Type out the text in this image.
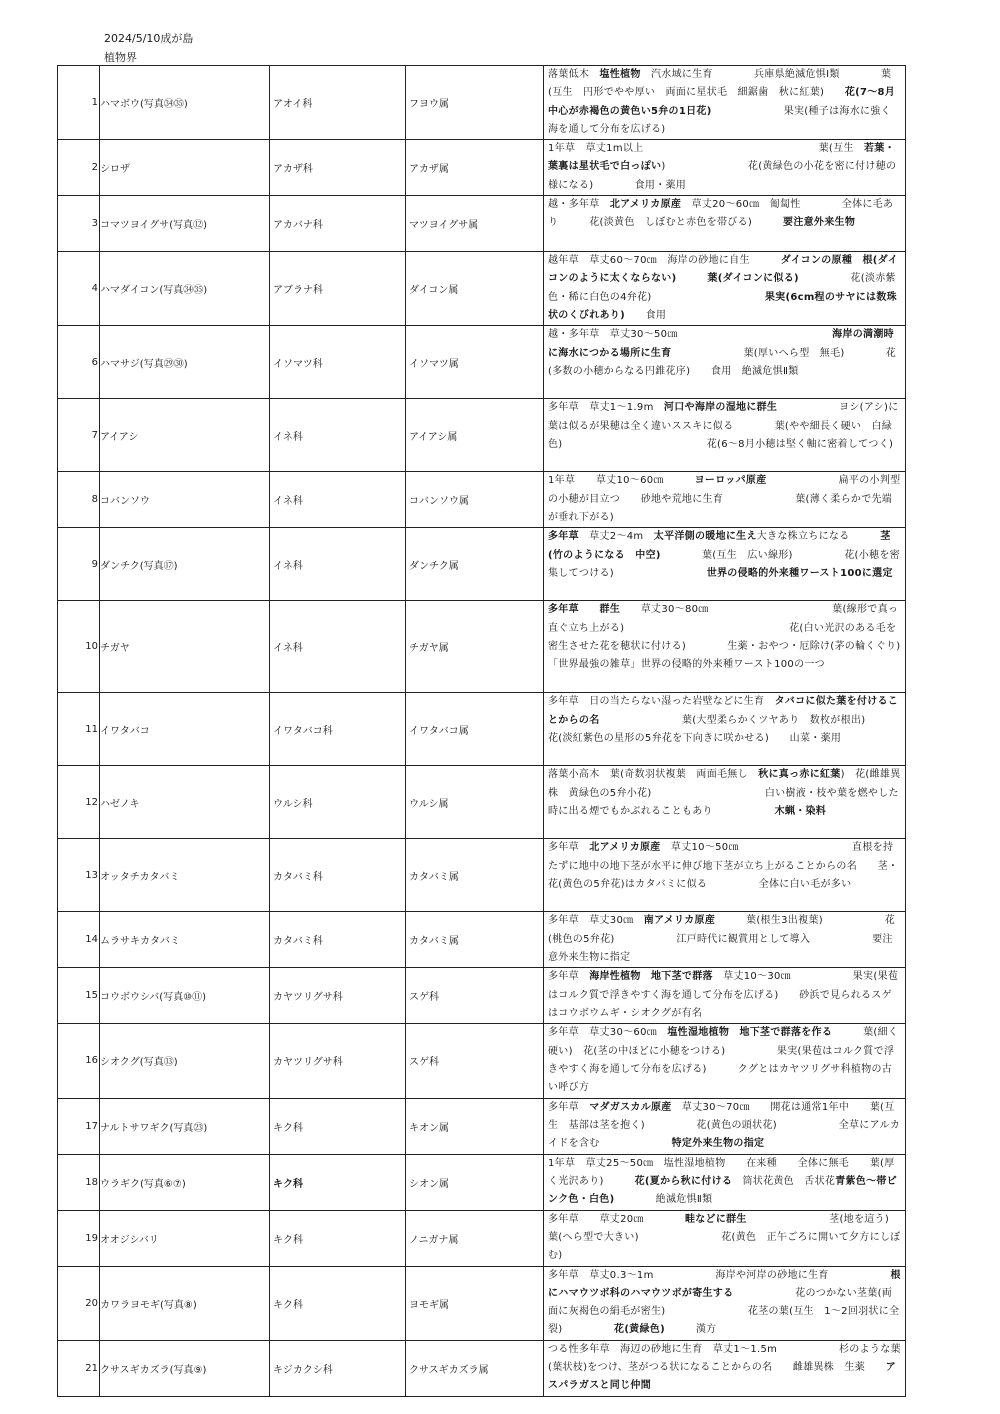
2024/5/10成が島
植物界
1	ハマボウ(写真㉞㉟)	アオイ科	フヨウ属	落葉低木　塩性植物　汽水域に生育　　　　兵庫県絶滅危惧Ⅰ類　　　　葉(互生　円形でやや厚い　両面に星状毛　細鋸歯　秋に紅葉)　　花(7～8月中心が赤褐色の黄色い5弁の1日花)　　　　　　　果実(種子は海水に強く海を通して分布を広げる)
2	シロザ	アカザ科	アカザ属	1年草　草丈1m以上　　　　　　　　　　　　　　　　　葉(互生　若葉・葉裏は星状毛で白っぽい)　　　　　　　　花(黄緑色の小花を密に付け穂の様になる)　　　　食用・薬用
3	コマツヨイグサ(写真⑫)	アカバナ科	マツヨイグサ属	越・多年草　北アメリカ原産　草丈20～60㎝　匍匐性　　　　全体に毛あり　　　花(淡黄色　しぼむと赤色を帯びる)　　　要注意外来生物
4	ハマダイコン(写真㉞㉟)	アブラナ科	ダイコン属	越年草　草丈60～70㎝　海岸の砂地に自生　　　ダイコンの原種　根(ダイコンのように太くならない)　　　 葉(ダイコンに似る)　　　　　花(淡赤紫色・稀に白色の4弁花)　　　　　　　　　　　果実(6cm程のサヤには数珠状のくびれあり)　　食用
6	ハマサジ(写真㉙㉚)	イソマツ科	イソマツ属	越・多年草　草丈30～50㎝　　　　　　　　　　　　　　　海岸の満潮時に海水につかる場所に生育　　　　　　　葉(厚いへら型　無毛)　　　　花(多数の小穂からなる円錐花序)　　食用　絶滅危惧Ⅱ類
7	アイアシ	イネ科	アイアシ属	多年草　草丈1～1.9m　河口や海岸の湿地に群生　　　　　　ヨシ(アシ)に葉は似るが果穂は全く違いススキに似る　　　　葉(やや細長く硬い　白緑色)　　　　　　　　　　　　　　花(6～8月小穂は堅く軸に密着してつく)
8	コバンソウ	イネ科	コバンソウ属	1年草　　草丈10～60㎝　　　ヨーロッパ原産　　　　　　　扁平の小判型の小穂が目立つ　　砂地や荒地に生育　　　　　　　葉(薄く柔らかで先端が垂れ下がる)
9	ダンチク(写真⑰)	イネ科	ダンチク属	多年草　草丈2～4m　太平洋側の暖地に生え大きな株立ちになる　　　茎(竹のようになる　中空)　　　　葉(互生　広い線形)　　　　　花(小穂を密集してつける)　　　　　　　　　世界の侵略的外来種ワースト100に選定
10	チガヤ	イネ科	チガヤ属	多年草　　 群生　　草丈30～80㎝　　　　　　　　　　　　葉(線形で真っ直ぐ立ち上がる)　　　　　　　　　　　　　　　　花(白い光沢のある毛を密生させた花を穂状に付ける)　　　　生薬・おやつ・厄除け(茅の輪くぐり)　　　　　　　　　「世界最強の雑草」世界の侵略的外来種ワースト100の一つ
11	イワタバコ	イワタバコ科	イワタバコ属	多年草　日の当たらない湿った岩壁などに生育　タバコに似た葉を付けることからの名　　　　　　　　葉(大型柔らかくツヤあり　数枚が根出)　　　　　花(淡紅紫色の星形の5弁花を下向きに咲かせる)　　山菜・薬用
12	ハゼノキ	ウルシ科	ウルシ属	落葉小高木　葉(奇数羽状複葉　両面毛無し　秋に真っ赤に紅葉)　花(雌雄異株　黄緑色の5弁小花)　　　　　　　　　　　白い樹液・枝や葉を燃やした時に出る煙でもかぶれることもあり　　　　　　木蝋・染料
13	オッタチカタバミ	カタバミ科	カタバミ属	多年草　北アメリカ原産　草丈10～50㎝　　　　　　　　　　　直根を持たずに地中の地下茎が水平に伸び地下茎が立ち上がることからの名　　茎・花(黄色の5弁花)はカタバミに似る　　　　　全体に白い毛が多い
14	ムラサキカタバミ	カタバミ科	カタバミ属	多年草　草丈30㎝　南アメリカ原産　　　葉(根生3出複葉)　　　　　　花(桃色の5弁花)　　　　　　江戸時代に観賞用として導入　　　　　　要注意外来生物に指定
15	コウボウシバ(写真⑩⑪)	カヤツリグサ科	スゲ科	多年草　海岸性植物　地下茎で群落　草丈10～30㎝　　　　　　果実(果苞はコルク質で浮きやすく海を通して分布を広げる)　　砂浜で見られるスゲはコウボウムギ・シオクグが有名
16	シオクグ(写真⑬)	カヤツリグサ科	スゲ科	多年草　草丈30～60㎝　塩性湿地植物　地下茎で群落を作る　　　葉(細く硬い)　花(茎の中ほどに小穂をつける)　　　　　果実(果苞はコルク質で浮きやすく海を通して分布を広げる)　　　クグとはカヤツリグサ科植物の古い呼び方
17	ナルトサワギク(写真㉓)	キク科	キオン属	多年草　マダガスカル原産　草丈30～70㎝　　開花は通常1年中　　葉(互生　基部は茎を抱く)　　　　　花(黄色の頭状花)　　　　　　全草にアルカイドを含む　　　　　　　特定外来生物の指定
18	ウラギク(写真⑥⑦)	キク科	シオン属	1年草　草丈25～50㎝　塩性湿地植物　　在来種　　全体に無毛　　葉(厚く光沢あり)　　　花(夏から秋に付ける　筒状花黄色　舌状花青紫色～帯ピンク色・白色)　　　　絶滅危惧Ⅱ類
19	オオジシバリ	キク科	ノニガナ属	多年草　　草丈20㎝　　　　畦などに群生　　　　　　　　茎(地を這う)　　　　　葉(へら型で大きい)　　　　　　　　花(黄色　正午ごろに開いて夕方にしぼむ)
20	カワラヨモギ(写真⑧)	キク科	ヨモギ属	多年草　草丈0.3～1m　　　　　　海岸や河岸の砂地に生育　　　　　　根にハマウツボ科のハマウツボが寄生する　　　　　　花のつかない茎葉(両面に灰褐色の絹毛が密生)　　　　　　　　花茎の葉(互生　1～2回羽状に全裂)　　　　　花(黄緑色)　　　漢方
21	クサスギカズラ(写真⑨)	キジカクシ科	クサスギカズラ属	つる性多年草　海辺の砂地に生育　草丈1～1.5m　　　　　　杉のような葉(葉状枝)をつけ、茎がつる状になることからの名　　雌雄異株　生薬　　アスパラガスと同じ仲間
